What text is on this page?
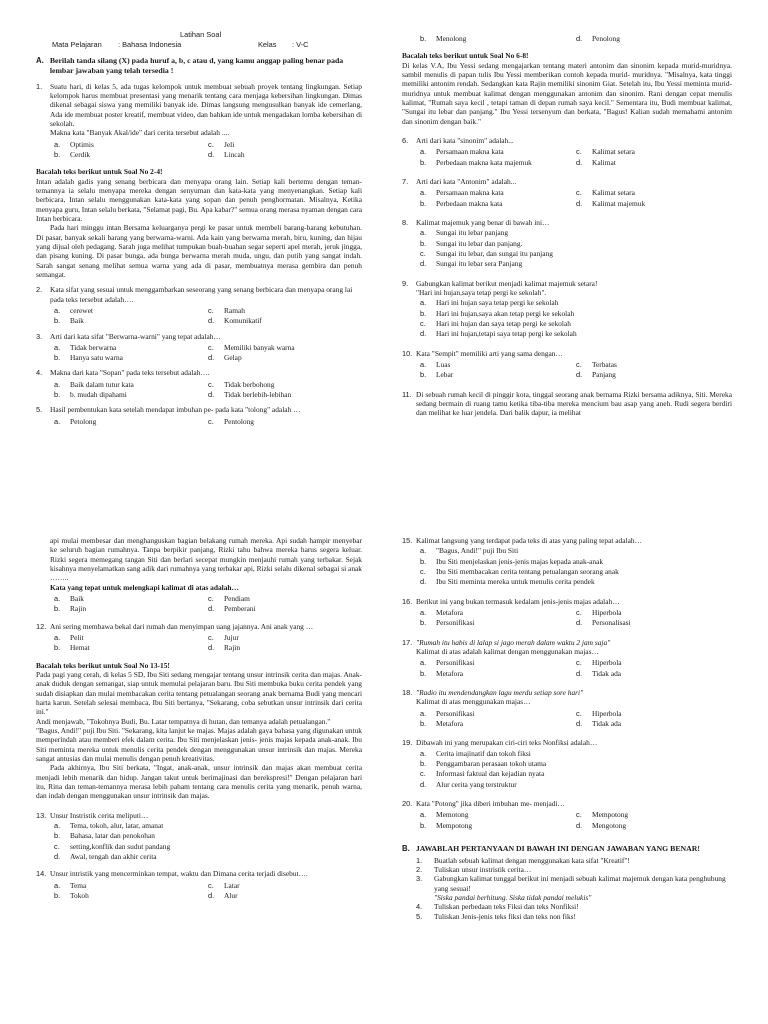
Latihan Soal
Mata Pelajaran : Bahasa Indonesia	Kelas : V-C
A. Berilah tanda silang (X) pada huruf a, b, c atau d, yang kamu anggap paling benar pada lembar jawaban yang telah tersedia !
1.	Suatu hari, di kelas 5, ada tugas kelompok untuk membuat sebuah proyek tentang lingkungan. Setiap kelompok harus membuat presentasi yang menarik tentang cara menjaga kebersihan lingkungan. Dimas dikenal sebagai siswa yang memiliki banyak ide. Dimas langsung mengusulkan banyak ide cemerlang, Ada ide membuat poster kreatif, membuat video, dan bahkan ide untuk mengadakan lomba kebersihan di sekolah.

Makna kata "Banyak Akal/ide" dari cerita tersebut adalah ....
a.	Optimis	c.	Jeli
b.	Cerdik	d.	Lincah
Bacalah teks berikut untuk Soal No 2-4!

Intan adalah gadis yang senang berbicara dan menyapa orang lain. Setiap kali bertemu dengan teman-temannya ia selalu menyapa mereka dengan senyuman dan kata-kata yang menyenangkan. Setiap kali berbicara, Intan selalu menggunakan kata-kata yang sopan dan penuh penghormatan. Misalnya, Ketika menyapa guru, Intan selalu berkata, "Selamat pagi, Bu. Apa kabar?" semua orang merasa nyaman dengan cara Intan berbicara.

Pada hari minggu intan Bersama keluarganya pergi ke pasar untuk membeli barang-barang kebutuhan. Di pasar, banyak sekali barang yang berwarna-warni. Ada kain yang berwarna merah, biru, kuning, dan hijau yang dijual oleh pedagang. Sarah juga melihat tumpukan buah-buahan segar seperti apel merah, jeruk jingga, dan pisang kuning. Di pasar bunga, ada bunga berwarna merah muda, ungu, dan putih yang sangat indah. Sarah sangat senang melihat semua warna yang ada di pasar, membuatnya merasa gembira dan penuh semangat.

2.	Kata sifat yang sesuai untuk menggambarkan seseorang yang senang berbicara dan menyapa orang lai pada teks tersebut adalah….
a.	cerewet	c.	Ramah
b.	Baik	d.	Komunikatif
3.	Arti dari kata sifat "Berwarna-warni" yang tepat adalah…
a.	Tidak berwarna	c.	Memiliki banyak warna
b.	Hanya satu warna	d.	Gelap
4.	Makna dari kata "Sopan" pada teks tersebut adalah….
a.	Baik dalam tutur kata	c.	Tidak berbohong
b.	b. mudah dipahami	d.	Tidak berlebih-lebihan
5.	Hasil pembentukan kata setelah mendapat imbuhan pe- pada kata "tolong" adalah …
a.	Petolong	c.	Pentolong
b.	Menolong	d.	Penolong
Bacalah teks berikut untuk Soal No 6-8!

Di kelas V.A, Ibu Yessi sedang mengajarkan tentang materi antonim dan sinonim kepada murid-muridnya. sambil menulis di papan tulis Ibu Yessi memberikan contoh kepada murid- muridnya. "Misalnya, kata tinggi memiliki antonim rendah. Sedangkan kata Rajin memiliki sinonim Giat. Setelah itu, Ibu Yessi meminta murid-muridnya untuk membuat kalimat dengan menggunakan antonim dan sinonim. Rani dengan cepat menulis kalimat, "Rumah saya kecil , tetapi taman di depan rumah saya kecil." Sementara itu, Budi membuat kalimat, "Sungai itu lebar dan panjang." Ibu Yessi tersenyum dan berkata, "Bagus! Kalian sudah memahami antonim dan sinonim dengan baik."

6.	Arti dari kata "sinonim" adalah...
a.	Persamaan makna kata	c.	Kalimat setara
b.	Perbedaan makna kata majemuk	d.	Kalimat
7.	Arti dari kata "Antonim" adalah...
a.	Persamaan makna kata	c.	Kalimat setara
b.	Perbedaan makna kata	d.	Kalimat majemuk
8.	Kalimat majemuk yang benar di bawah ini…
a.	Sungai itu lebar panjang
b.	Sungai itu lebar dan panjang.
c.	Sungai itu lebar, dan sungai itu panjang
d.	Sungai itu lebar sera Panjang
9.	Gabungkan kalimat berikut menjadi kalimat majemuk setara!
"Hari ini hujan,saya tetap pergi ke sekolah".
a.	Hari ini hujan saya tetap pergi ke sekolah
b.	Hari ini hujan,saya akan tetap pergi ke sekolah
c.	Hari ini hujan dan saya tetap pergi ke sekolah
d.	Hari ini hujan,tetapi saya tetap pergi ke sekolah
10. Kata "Sempit" memiliki arti yang sama dengan…
a.	Luas	c.	Terbatas
b.	Lebar	d.	Panjang
11. Di sebuah rumah kecil di pinggir kota, tinggal seorang anak bernama Rizki bersama adiknya, Siti. Mereka sedang bermain di ruang tamu ketika tiba-tiba mereka mencium bau asap yang aneh. Rudi segera berdiri dan melihat ke luar jendela. Dari balik dapur, ia melihat

api mulai membesar dan menghanguskan bagian belakang rumah mereka. Api sudah hampir menyebar ke seluruh bagian rumahnya. Tanpa berpikir panjang, Rizki tahu bahwa mereka harus segera keluar. Rizki segera memegang tangan Siti dan berlari secepat mungkin menjauhi rumah yang terbakar. Sejak kisahnya menyelamatkan sang adik dari rumahnya yang terbakar api, Rizki selalu dikenal sebagai si anak ……..

Kata yang tepat untuk melengkapi kalimat di atas adalah…
a.	Baik	c.	Pendiam
b.	Rajin	d.	Pemberani
12. Ani sering membawa bekal dari rumah dan menyimpan uang jajannya. Ani anak yang …
a.	Pelit	c.	Jujur
b.	Hemat	d.	Rajin
Bacalah teks berikut untuk Soal No 13-15!

Pada pagi yang cerah, di kelas 5 SD, Ibu Siti sedang mengajar tentang unsur intrinsik cerita dan majas. Anak-anak duduk dengan semangat, siap untuk memulai pelajaran baru. Ibu Siti membuka buku cerita pendek yang sudah disiapkan dan mulai membacakan cerita tentang petualangan seorang anak bernama Budi yang mencari harta karun. Setelah selesai membaca, Ibu Siti bertanya, "Sekarang, coba sebutkan unsur intrinsik dari cerita ini."

Andi menjawab, "Tokohnya Budi, Bu. Latar tempatnya di hutan, dan temanya adalah petualangan."

"Bagus, Andi!" puji Ibu Siti. "Sekarang, kita lanjut ke majas. Majas adalah gaya bahasa yang digunakan untuk memperindah atau memberi efek dalam cerita. Ibu Siti menjelaskan jenis- jenis majas kepada anak-anak. Ibu Siti meminta mereka untuk menulis cerita pendek dengan menggunakan unsur intrinsik dan majas. Mereka sangat antusias dan mulai menulis dengan penuh kreativitas.

Pada akhirnya, Ibu Siti berkata, "Ingat, anak-anak, unsur intrinsik dan majas akan membuat cerita menjadi lebih menarik dan hidup. Jangan takut untuk berimajinasi dan berekspresi!" Dengan pelajaran hari itu, Rina dan teman-temannya merasa lebih paham tentang cara menulis cerita yang menarik, penuh warna, dan indah dengan menggunakan unsur intrinsik dan majas.

13. Unsur Instristik cerita meliputi…
a.	Tema, tokoh, alur, latar, amanat
b.	Bahasa, latar dan penokohan
c.	setting,konflik dan sudut pandang
d.	Awal, tengah dan akhir cerita
14. Unsur intristik yang mencerminkan tempat, waktu dan Dimana cerita terjadi disebut….
a.	Tema	c.	Latar
b.	Tokoh	d.	Alur
15. Kalimat langsung yang terdapat pada teks di atas yang paling tepat adalah…
a.	"Bagus, Andi!" puji Ibu Siti
b.	Ibu Siti menjelaskan jenis-jenis majas kepada anak-anak
c.	Ibu Siti membacakan cerita tentang petualangan seorang anak
d.	Ibu Siti meminta mereka untuk menulis cerita pendek
16. Berikut ini yang bukan termasuk kedalam jenis-jenis majas adalah…
a.	Metafora	c.	Hiperbola
b.	Personifikasi	d.	Personalisasi
17. "Rumah itu habis di lalap si jago merah dalam waktu 2 jam saja"
Kalimat di atas adalah kalimat dengan menggunakan majas…
a.	Personifikasi	c.	Hiperbola
b.	Metafora	d.	Tidak ada
18. "Radio itu mendendangkan lagu merdu setiap sore hari"
Kalimat di atas menggunakan majas…
a.	Personifikasi	c.	Hiperbola
b.	Metafora	d.	Tidak ada
19. Dibawah ini yang merupakan ciri-ciri teks Nonfiksi adalah…
a.	Cerita imajinatif dan tokoh fiksi
b.	Penggambaran perasaan tokoh utama
c.	Informasi faktual dan kejadian nyata
d.	Alur cerita yang terstruktur
20. Kata "Potong" jika diberi imbuhan me- menjadi…
a.	Memotong	c.	Mempotong
b.	Mempotong	d.	Mengotong
B. JAWABLAH PERTANYAAN DI BAWAH INI DENGAN JAWABAN YANG BENAR!
1.	Buatlah sebuah kalimat dengan menggunakan kata sifat "Kreatif"!
2.	Tuliskan unsur instristik cerita…
3.	Gabungkan kalimat tunggal berikut ini menjadi sebuah kalimat majemuk dengan kata penghubung yang sesuai!
"Siska pandai berhitung. Siska tidak pandai melukis"
4.	Tuliskan perbedaan teks Fiksi dan teks Nonfiksi!
5.	Tuliskan Jenis-jenis teks fiksi dan teks non fiks!
